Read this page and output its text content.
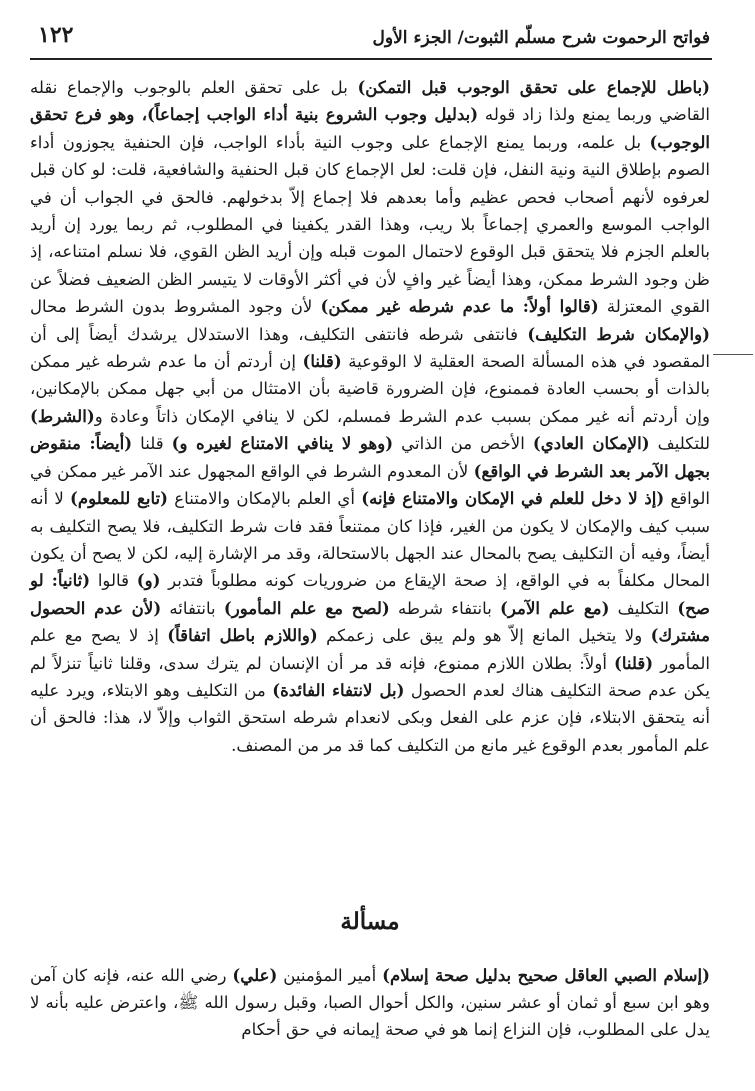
فواتح الرحموت شرح مسلّم الثبوت/ الجزء الأول
١٢٢

(باطل للإجماع على تحقق الوجوب قبل التمكن) بل على تحقق العلم بالوجوب والإجماع نقله القاضي وربما يمنع ولذا زاد قوله (بدليل وجوب الشروع بنية أداء الواجب إجماعاً)، وهو فرع تحقق الوجوب) بل علمه، وربما يمنع الإجماع على وجوب النية بأداء الواجب، فإن الحنفية يجوزون أداء الصوم بإطلاق النية ونية النفل، فإن قلت: لعل الإجماع كان قبل الحنفية والشافعية، قلت: لو كان قبل لعرفوه لأنهم أصحاب فحص عظيم وأما بعدهم فلا إجماع إلاّ بدخولهم. فالحق في الجواب أن في الواجب الموسع والعمري إجماعاً بلا ريب، وهذا القدر يكفينا في المطلوب، ثم ربما يورد إن أريد بالعلم الجزم فلا يتحقق قبل الوقوع لاحتمال الموت قبله وإن أريد الظن القوي، فلا نسلم امتناعه، إذ ظن وجود الشرط ممكن، وهذا أيضاً غير وافٍ لأن في أكثر الأوقات لا يتيسر الظن الضعيف فضلاً عن القوي المعتزلة (قالوا أولاً: ما عدم شرطه غير ممكن) لأن وجود المشروط بدون الشرط محال (والإمكان شرط التكليف) فانتفى شرطه فانتفى التكليف، وهذا الاستدلال يرشدك أيضاً إلى أن المقصود في هذه المسألة الصحة العقلية لا الوقوعية (قلنا) إن أردتم أن ما عدم شرطه غير ممكن بالذات أو بحسب العادة فممنوع، فإن الضرورة قاضية بأن الامتثال من أبي جهل ممكن بالإمكانين، وإن أردتم أنه غير ممكن بسبب عدم الشرط فمسلم، لكن لا ينافي الإمكان ذاتاً وعادة و(الشرط) للتكليف (الإمكان العادي) الأخص من الذاتي (وهو لا ينافي الامتناع لغيره و) قلنا (أيضاً: منقوض بجهل الآمر بعد الشرط في الواقع) لأن المعدوم الشرط في الواقع المجهول عند الآمر غير ممكن في الواقع (إذ لا دخل للعلم في الإمكان والامتناع فإنه) أي العلم بالإمكان والامتناع (تابع للمعلوم) لا أنه سبب كيف والإمكان لا يكون من الغير، فإذا كان ممتنعاً فقد فات شرط التكليف، فلا يصح التكليف به أيضاً، وفيه أن التكليف يصح بالمحال عند الجهل بالاستحالة، وقد مر الإشارة إليه، لكن لا يصح أن يكون المحال مكلفاً به في الواقع، إذ صحة الإيقاع من ضروريات كونه مطلوباً فتدبر (و) قالوا (ثانياً: لو صح) التكليف (مع علم الآمر) بانتفاء شرطه (لصح مع علم المأمور) بانتفائه (لأن عدم الحصول مشترك) ولا يتخيل المانع إلاّ هو ولم يبق على زعمكم (واللازم باطل اتفاقاً) إذ لا يصح مع علم المأمور (قلنا) أولاً: بطلان اللازم ممنوع، فإنه قد مر أن الإنسان لم يترك سدى، وقلنا ثانياً تنزلاً لم يكن عدم صحة التكليف هناك لعدم الحصول (بل لانتفاء الفائدة) من التكليف وهو الابتلاء، ويرد عليه أنه يتحقق الابتلاء، فإن عزم على الفعل وبكى لانعدام شرطه استحق الثواب وإلاّ لا، هذا: فالحق أن علم المأمور بعدم الوقوع غير مانع من التكليف كما قد مر من المصنف.

مسألة

(إسلام الصبي العاقل صحيح بدليل صحة إسلام) أمير المؤمنين (علي) رضي الله عنه، فإنه كان آمن وهو ابن سبع أو ثمان أو عشر سنين، والكل أحوال الصبا، وقبل رسول الله ﷺ، واعترض عليه بأنه لا يدل على المطلوب، فإن النزاع إنما هو في صحة إيمانه في حق أحكام
